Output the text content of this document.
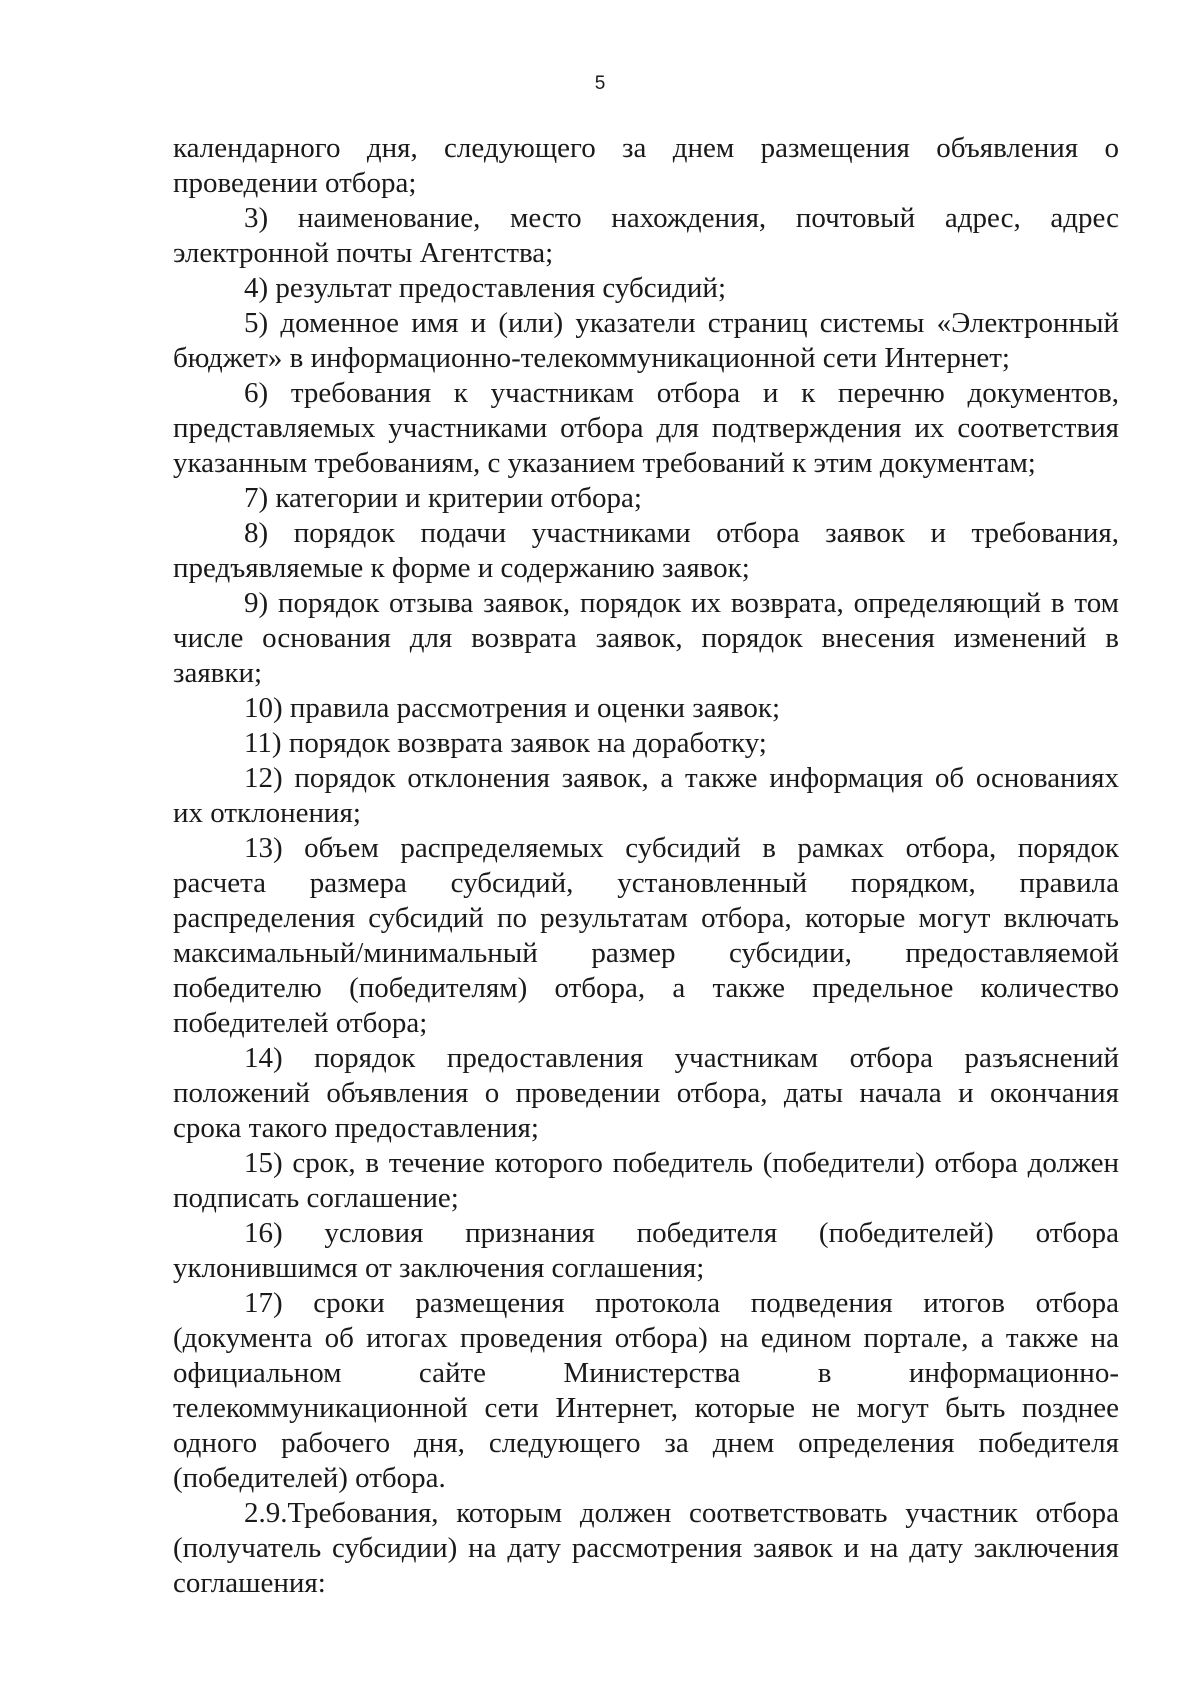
5

календарного дня, следующего за днем размещения объявления о проведении отбора;

3) наименование, место нахождения, почтовый адрес, адрес электронной почты Агентства;

4) результат предоставления субсидий;

5) доменное имя и (или) указатели страниц системы «Электронный бюджет» в информационно-телекоммуникационной сети Интернет;

6) требования к участникам отбора и к перечню документов, представляемых участниками отбора для подтверждения их соответствия указанным требованиям, с указанием требований к этим документам;

7) категории и критерии отбора;

8) порядок подачи участниками отбора заявок и требования, предъявляемые к форме и содержанию заявок;

9) порядок отзыва заявок, порядок их возврата, определяющий в том числе основания для возврата заявок, порядок внесения изменений в заявки;

10) правила рассмотрения и оценки заявок;

11) порядок возврата заявок на доработку;

12) порядок отклонения заявок, а также информация об основаниях их отклонения;

13) объем распределяемых субсидий в рамках отбора, порядок расчета размера субсидий, установленный порядком, правила распределения субсидий по результатам отбора, которые могут включать максимальный/минимальный размер субсидии, предоставляемой победителю (победителям) отбора, а также предельное количество победителей отбора;

14) порядок предоставления участникам отбора разъяснений положений объявления о проведении отбора, даты начала и окончания срока такого предоставления;

15) срок, в течение которого победитель (победители) отбора должен подписать соглашение;

16) условия признания победителя (победителей) отбора уклонившимся от заключения соглашения;

17) сроки размещения протокола подведения итогов отбора (документа об итогах проведения отбора) на едином портале, а также на официальном сайте Министерства в информационно-телекоммуникационной сети Интернет, которые не могут быть позднее одного рабочего дня, следующего за днем определения победителя (победителей) отбора.

2.9.Требования, которым должен соответствовать участник отбора (получатель субсидии) на дату рассмотрения заявок и на дату заключения соглашения:
